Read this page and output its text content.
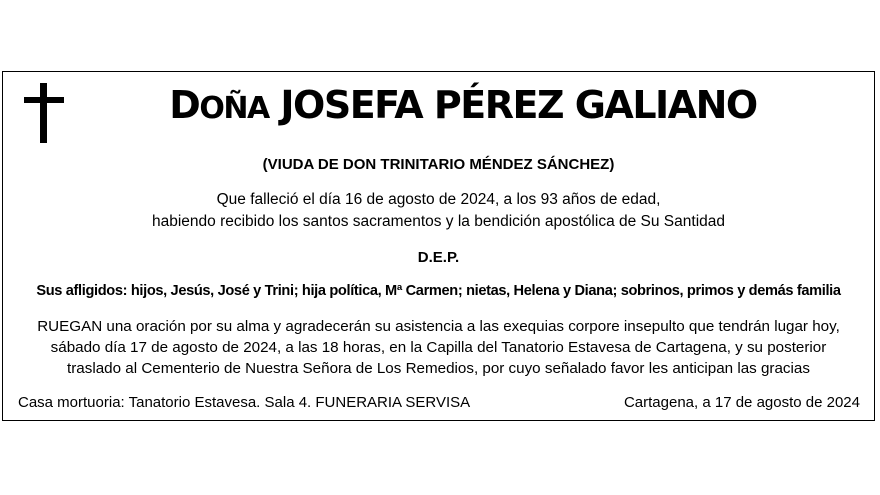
DOÑA JOSEFA PÉREZ GALIANO
(VIUDA DE DON TRINITARIO MÉNDEZ SÁNCHEZ)
Que falleció el día 16 de agosto de 2024, a los 93 años de edad,
habiendo recibido los santos sacramentos y la bendición apostólica de Su Santidad
D.E.P.
Sus afligidos: hijos, Jesús, José y Trini; hija política, Mª Carmen; nietas, Helena y Diana; sobrinos, primos y demás familia
RUEGAN una oración por su alma y agradecerán su asistencia a las exequias corpore insepulto que tendrán lugar hoy,
sábado día 17 de agosto de 2024, a las 18 horas, en la Capilla del Tanatorio Estavesa de Cartagena, y su posterior
traslado al Cementerio de Nuestra Señora de Los Remedios, por cuyo señalado favor les anticipan las gracias
Casa mortuoria: Tanatorio Estavesa. Sala 4. FUNERARIA SERVISA	Cartagena, a 17 de agosto de 2024
